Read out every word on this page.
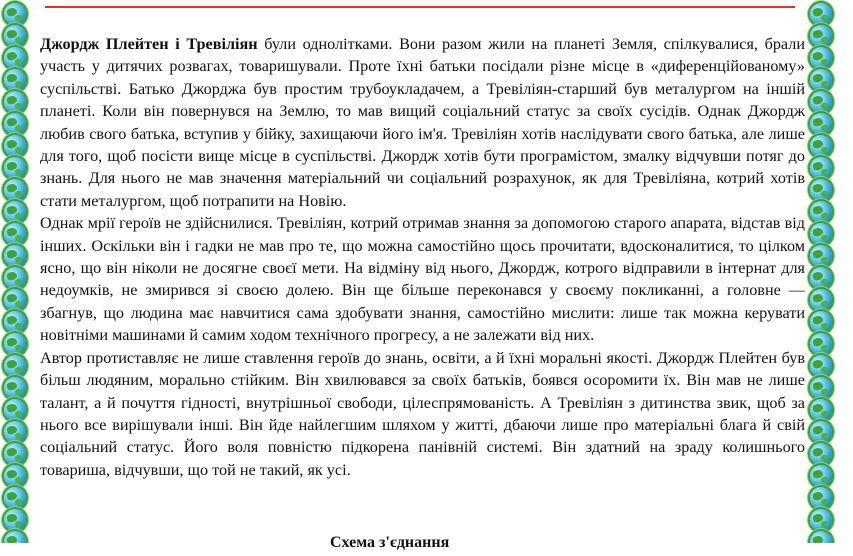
Джордж Плейтен і Тревіліян були однолітками. Вони разом жили на планеті Земля, спілкувалися, брали участь у дитячих розвагах, товаришували. Проте їхні батьки посідали різне місце в «диференційованому» суспільстві. Батько Джорджа був простим трубоукладачем, а Тревіліян-старший був металургом на іншій планеті. Коли він повернувся на Землю, то мав вищий соціальний статус за своїх сусідів. Однак Джордж любив свого батька, вступив у бійку, захищаючи його ім'я. Тревіліян хотів наслідувати свого батька, але лише для того, щоб посісти вище місце в суспільстві. Джордж хотів бути програмістом, змалку відчувши потяг до знань. Для нього не мав значення матеріальний чи соціальний розрахунок, як для Тревіліяна, котрий хотів стати металургом, щоб потрапити на Новію.

Однак мрії героїв не здійснилися. Тревіліян, котрий отримав знання за допомогою старого апарата, відстав від інших. Оскільки він і гадки не мав про те, що можна самостійно щось прочитати, вдосконалитися, то цілком ясно, що він ніколи не досягне своєї мети. На відміну від нього, Джордж, котрого відправили в інтернат для недоумків, не змирився зі своєю долею. Він ще більше переконався у своєму покликанні, а головне — збагнув, що людина має навчитися сама здобувати знання, самостійно мислити: лише так можна керувати новітніми машинами й самим ходом технічного прогресу, а не залежати від них.

Автор протиставляє не лише ставлення героїв до знань, освіти, а й їхні моральні якості. Джордж Плейтен був більш людяним, морально стійким. Він хвилювався за своїх батьків, боявся осоромити їх. Він мав не лише талант, а й почуття гідності, внутрішньої свободи, цілеспрямованість. А Тревіліян з дитинства звик, щоб за нього все вирішували інші. Він йде найлегшим шляхом у житті, дбаючи лише про матеріальні блага й свій соціальний статус. Його воля повністю підкорена панівній системі. Він здатний на зраду колишнього товариша, відчувши, що той не такий, як усі.

Схема з'єднання
